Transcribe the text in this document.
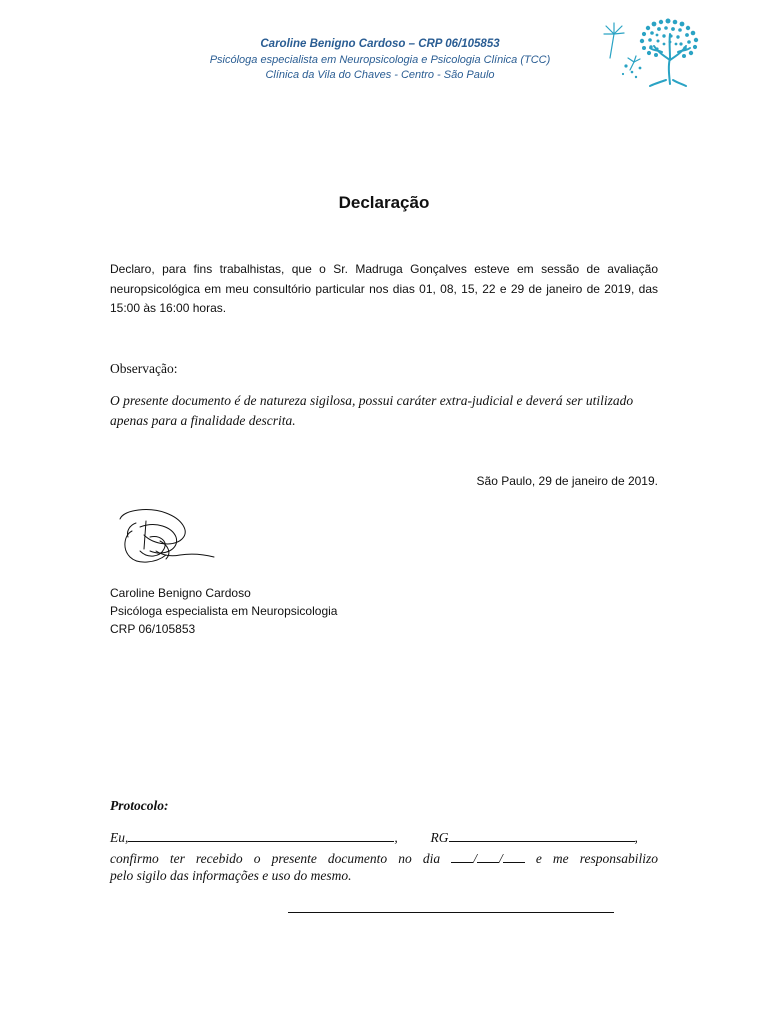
Caroline Benigno Cardoso – CRP 06/105853
Psicóloga especialista em Neuropsicologia e Psicologia Clínica (TCC)
Clínica da Vila do Chaves - Centro - São Paulo
Declaração
Declaro, para fins trabalhistas, que o Sr. Madruga Gonçalves esteve em sessão de avaliação neuropsicológica em meu consultório particular nos dias 01, 08, 15, 22 e 29 de janeiro de 2019, das 15:00 às 16:00 horas.
Observação:
O presente documento é de natureza sigilosa, possui caráter extra-judicial e deverá ser utilizado apenas para a finalidade descrita.
São Paulo, 29 de janeiro de 2019.
Caroline Benigno Cardoso
Psicóloga especialista em Neuropsicologia
CRP 06/105853
Protocolo:
Eu,	, RG	,
confirmo ter recebido o presente documento no dia / / e me responsabilizo
pelo sigilo das informações e uso do mesmo.
